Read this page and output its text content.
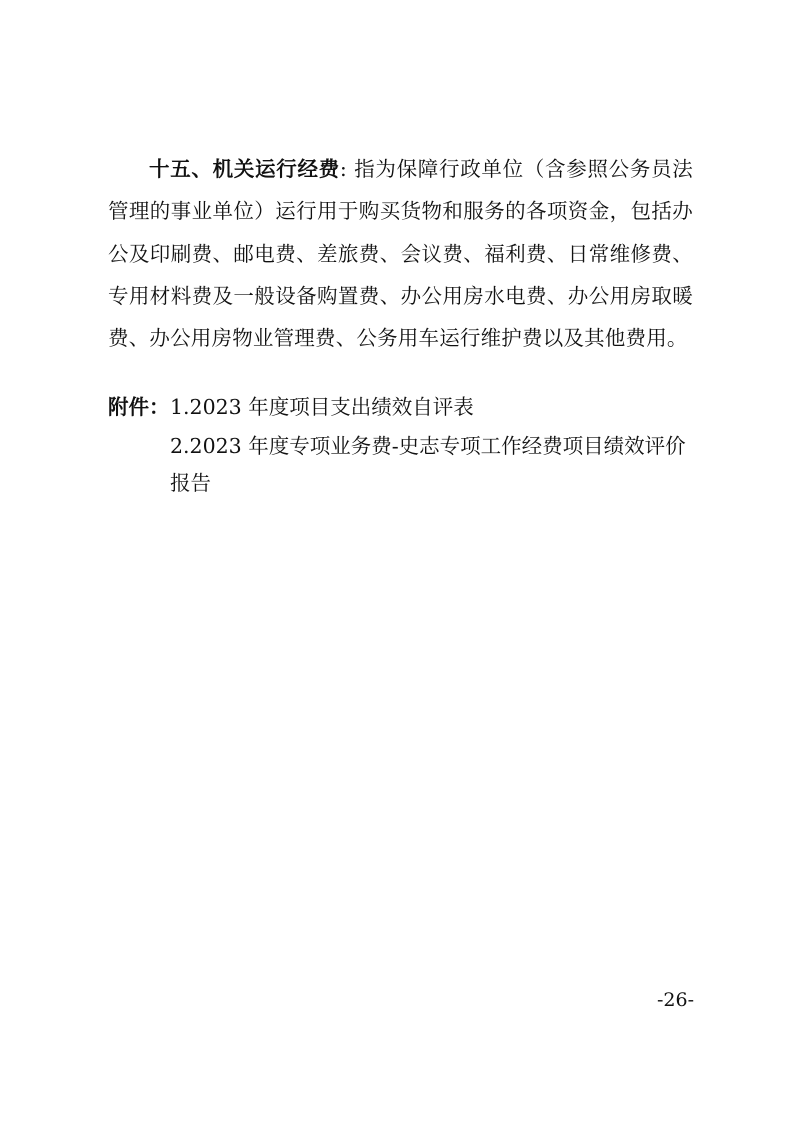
十五、机关运行经费: 指为保障行政单位（含参照公务员法管理的事业单位）运行用于购买货物和服务的各项资金，包括办公及印刷费、邮电费、差旅费、会议费、福利费、日常维修费、专用材料费及一般设备购置费、办公用房水电费、办公用房取暖费、办公用房物业管理费、公务用车运行维护费以及其他费用。

附件： 1.2023 年度项目支出绩效自评表

2.2023 年度专项业务费-史志专项工作经费项目绩效评价报告

-26-
